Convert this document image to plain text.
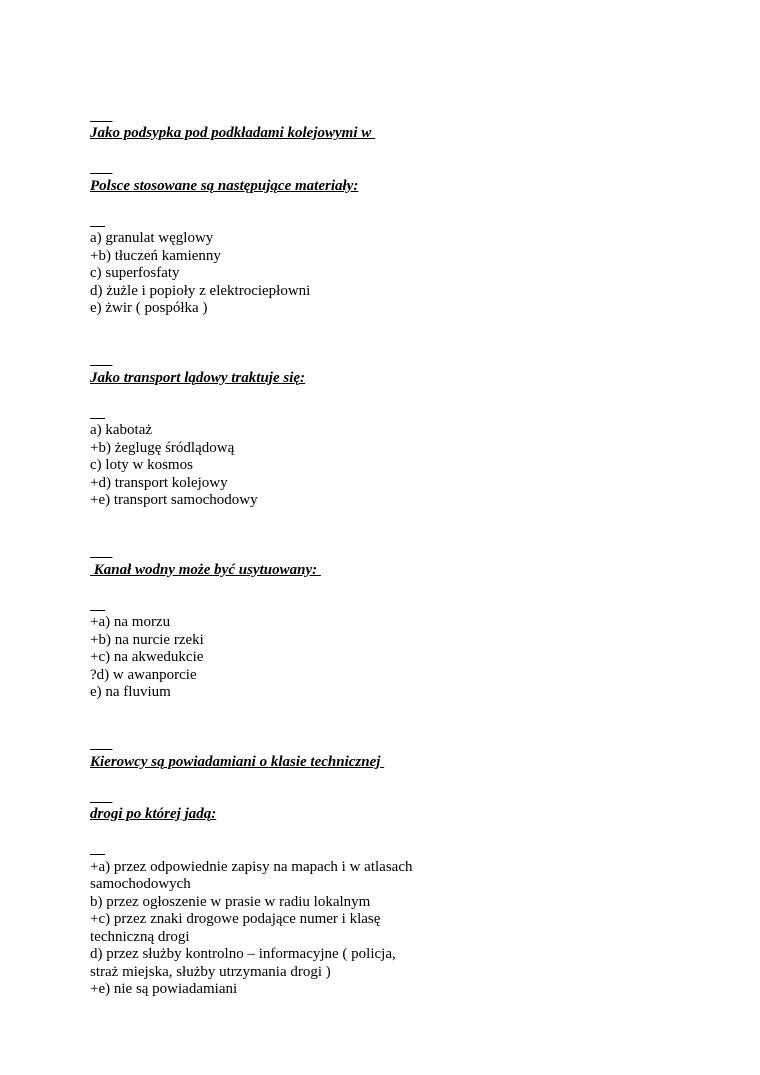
Jako podsypka pod podkładami kolejowymi w

Polsce stosowane są następujące materiały:

a) granulat węglowy
+b) tłuczeń kamienny
c) superfosfaty
d) żużle i popioły z elektrociepłowni
e) żwir ( pospółka )

Jako transport lądowy traktuje się:

a) kabotaż
+b) żeglugę śródlądową
c) loty w kosmos
+d) transport kolejowy
+e) transport samochodowy

Kanał wodny może być usytuowany:

+a) na morzu
+b) na nurcie rzeki
+c) na akwedukcie
?d) w awanporcie
e) na fluvium

Kierowcy są powiadamiani o klasie technicznej

drogi po której jadą:

+a) przez odpowiednie zapisy na mapach i w atlasach
samochodowych
b) przez ogłoszenie w prasie w radiu lokalnym
+c) przez znaki drogowe podające numer i klasę
techniczną drogi
d) przez służby kontrolno – informacyjne ( policja,
straż miejska, służby utrzymania drogi )
+e) nie są powiadamiani
